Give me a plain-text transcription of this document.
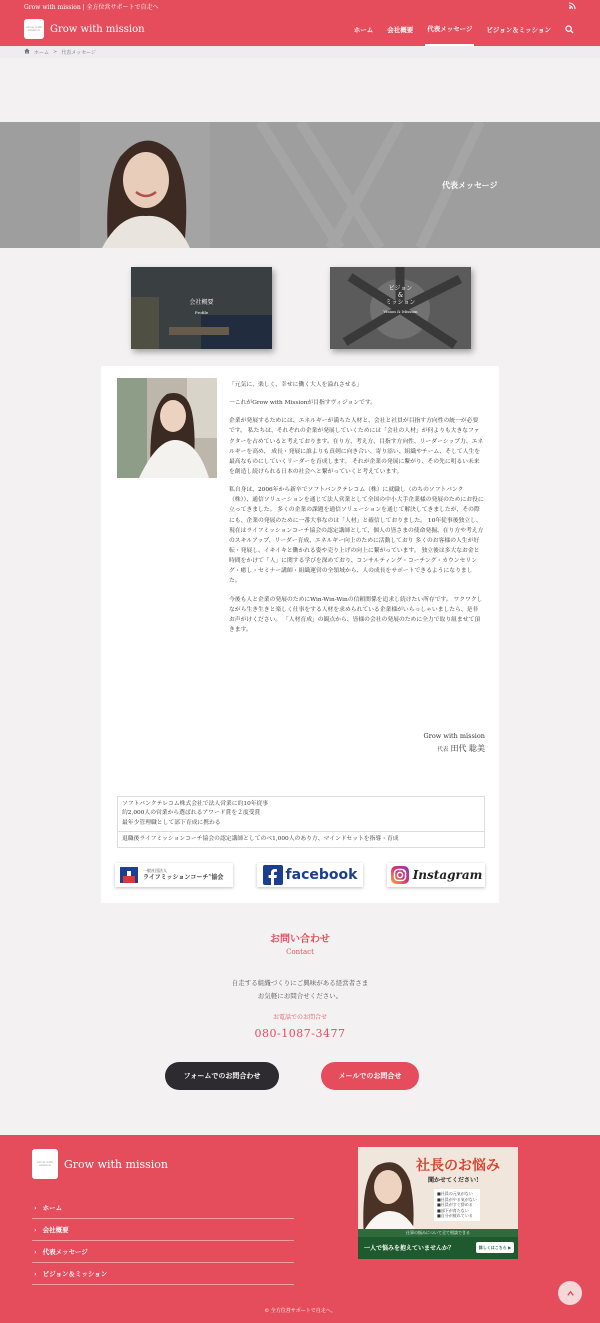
Grow with mission | 全方位営サポートで自走へ
Grow with mission	Grow with mission	ホーム	会社概要	代表メッセージ	ビジョン＆ミッション
ホーム > 代表メッセージ
代表メッセージ
会社概要
Profile
ビジョン
&
ミッション
Vision & Mission

「元気に、楽しく、幸せに働く大人を溢れさせる」

一これがGrow with Missionが目指すヴィジョンです。

企業が発展するためには、エネルギーが満ちた人材と、会社と社員が目指す方向性の統一が必要です。 私たちは、それぞれの企業が発展していくためには「会社の人材」が何よりも大きなファクターを占めていると考えております。在り方、考え方、目指す方向性、リーダーシップ力、エネルギーを高め、 成長・発展に誰よりも真剣に向き合い、寄り添い、組織やチーム、そして人生を最高なものにしていくリーダーを育成します。 それが企業の発展に繋がり、その先に明るい未来を創造し続けられる日本の社会へと繋がっていくと考えています。

私自身は、2006年から新卒でソフトバンクテレコム（株）に就職し（のちのソフトバンク（株））、通信ソリューションを通じて法人営業として全国の中小大手企業様の発展のためにお役に立ってきました。 多くの企業の課題を通信ソリューションを通じて解決してきましたが、その際にも、企業の発展のために一番大事なのは「人材」と確信しておりました。 10年従事後独立し、現在はライフミッションコーチ協会の認定講師として、個人の皆さまの使命発掘、在り方や考え方のスキルアップ、リーダー育成、エネルギー向上のために活動しており 多くのお客様の人生が好転・発展し、イキイキと働かれる姿や売り上げの向上に繋がっています。 独立後は多大なお金と時間をかけて「人」に関する学びを深めており、コンサルティング・コーチング・カウンセリング・癒し・セミナー講師・組織運営の全領域から、人の成長をサポートできるようになりました。

今後も人と企業の発展のためにWin-Win-Winの信頼関係を追求し続けたい所存です。 ワクワクしながら生き生きと楽しく仕事をする人材を求められている企業様がいらっしゃいましたら、是非お声がけください。 「人材育成」の観点から、皆様の会社の発展のために全力で取り組ませて頂きます。

Grow with mission
代表 田代 聡美
ソフトバンクテレコム株式会社で法人営業に約10年従事
約2,000人の営業から選ばれるアワード賞を２度受賞
最年少管理職として部下育成に携わる
退職後ライフミッションコーチ協会の認定講師としてのべ1,000人のあり方、マインドセットを指導・育成
一般社団法人
ライフミッションコーチ®協会	facebook	Instagram
お問い合わせ
Contact
自走する組織づくりにご興味がある経営者さま
お気軽にお問合せください。
お電話でのお問合せ
080-1087-3477
フォームでのお問合わせ	メールでのお問合せ
Grow with mission	Grow with mission
› ホーム
› 会社概要
› 代表メッセージ
› ビジョン＆ミッション
社長のお悩み
聞かせてください!
■社員の元気がない
■社員がやる気がない
■社員がすぐ辞める
■部下が育たない
■自分が疲れている
仕事の悩みについて全て相談できる
一人で悩みを抱えていませんか？	詳しくはこちら ▶
© 全方位営サポートで自走へ。
